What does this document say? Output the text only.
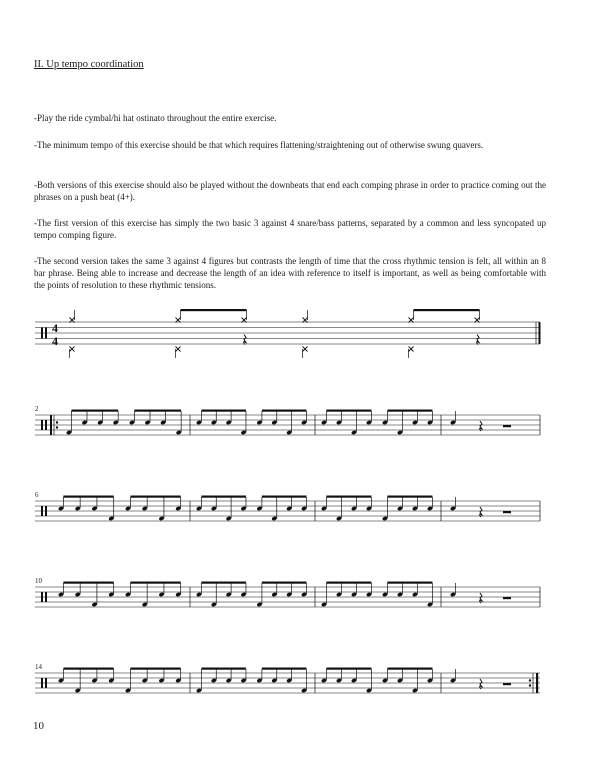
II. Up tempo coordination

-Play the ride cymbal/hi hat ostinato throughout the entire exercise.

-The minimum tempo of this exercise should be that which requires flattening/straightening out of otherwise swung quavers.

-Both versions of this exercise should also be played without the downbeats that end each comping phrase in order to practice coming out the phrases on a push beat (4+).

-The first version of this exercise has simply the two basic 3 against 4 snare/bass patterns, separated by a common and less syncopated up tempo comping figure.

-The second version takes the same 3 against 4 figures but contrasts the length of time that the cross rhythmic tension is felt, all within an 8 bar phrase. Being able to increase and decrease the length of an idea with reference to itself is important, as well as being comfortable with the points of resolution to these rhythmic tensions.

2
6
10
14
4
4
10
